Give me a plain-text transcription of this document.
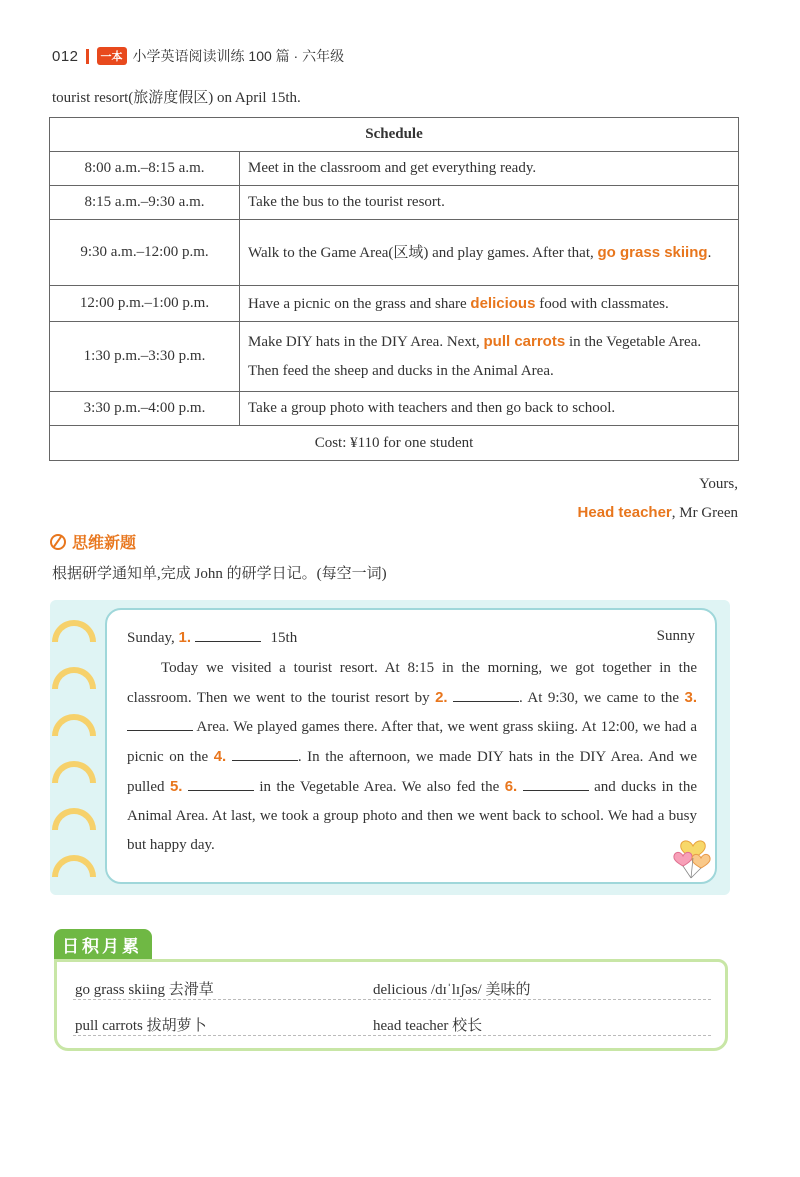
012	一本 小学英语阅读训练 100 篇 · 六年级
tourist resort(旅游度假区) on April 15th.
Schedule	
8:00 a.m.–8:15 a.m.	Meet in the classroom and get everything ready.
8:15 a.m.–9:30 a.m.	Take the bus to the tourist resort.
9:30 a.m.–12:00 p.m.	Walk to the Game Area(区域) and play games. After that, go grass skiing.
12:00 p.m.–1:00 p.m.	Have a picnic on the grass and share delicious food with classmates.
1:30 p.m.–3:30 p.m.	Make DIY hats in the DIY Area. Next, pull carrots in the Vegetable Area. Then feed the sheep and ducks in the Animal Area.
3:30 p.m.–4:00 p.m.	Take a group photo with teachers and then go back to school.
Cost: ¥110 for one student	
Yours,
Head teacher, Mr Green
思维新题
根据研学通知单,完成 John 的研学日记。(每空一词)
Sunday, 1.	15th	Sunny
Today we visited a tourist resort. At 8:15 in the morning, we got together in the classroom. Then we went to the tourist resort by 2.	. At 9:30, we came to the 3.  Area. We played games there. After that, we went grass skiing. At 12:00, we had a picnic on the 4.	. In the afternoon, we made DIY hats in the DIY Area. And we pulled 5.	in the Vegetable Area. We also fed the 6.	and ducks in the Animal Area. At last, we took a group photo and then we went back to school. We had a busy but happy day.
日积月累
go grass skiing 去滑草	delicious /dɪˈlɪʃəs/ 美味的
pull carrots 拔胡萝卜	head teacher 校长
